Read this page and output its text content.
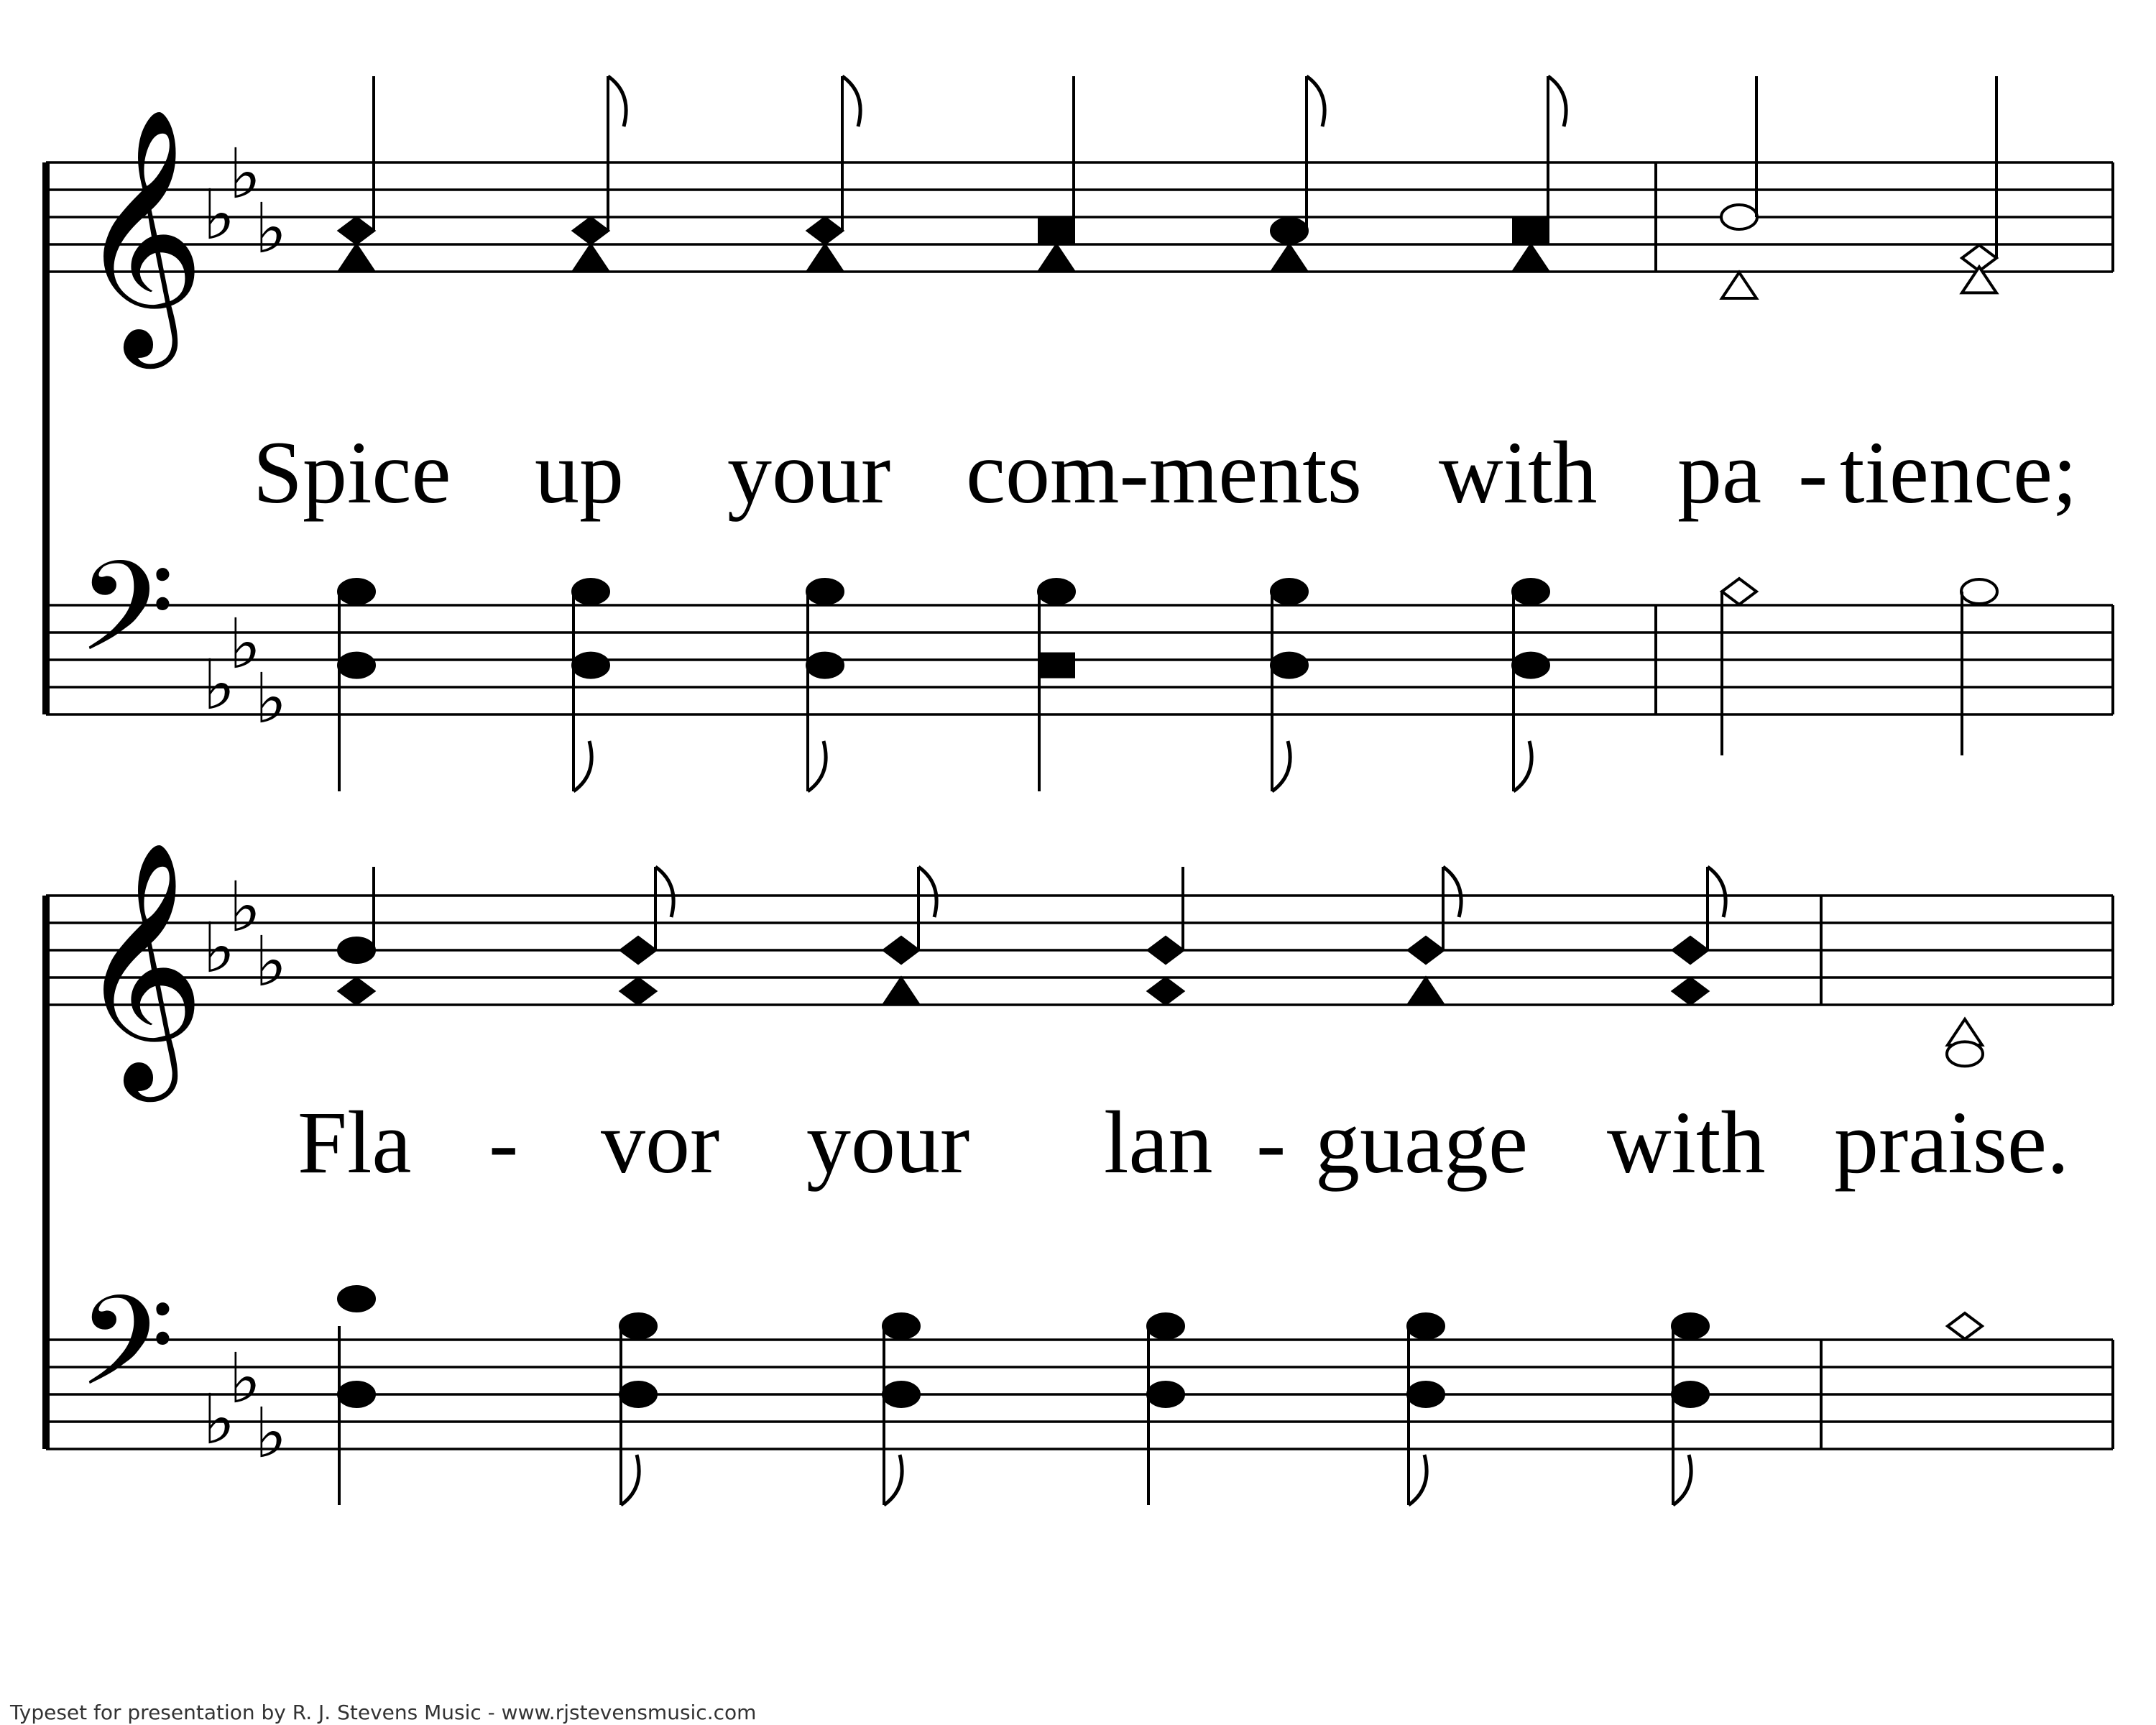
𝄞
𝄢
𝄞
𝄢
♭
♭
♭
♭
♭
♭
♭
♭
♭
♭
♭
♭
Spice up your com-ments with pa - tience;
Fla - vor your lan - guage with praise.
Typeset for presentation by R. J. Stevens Music - www.rjstevensmusic.com
